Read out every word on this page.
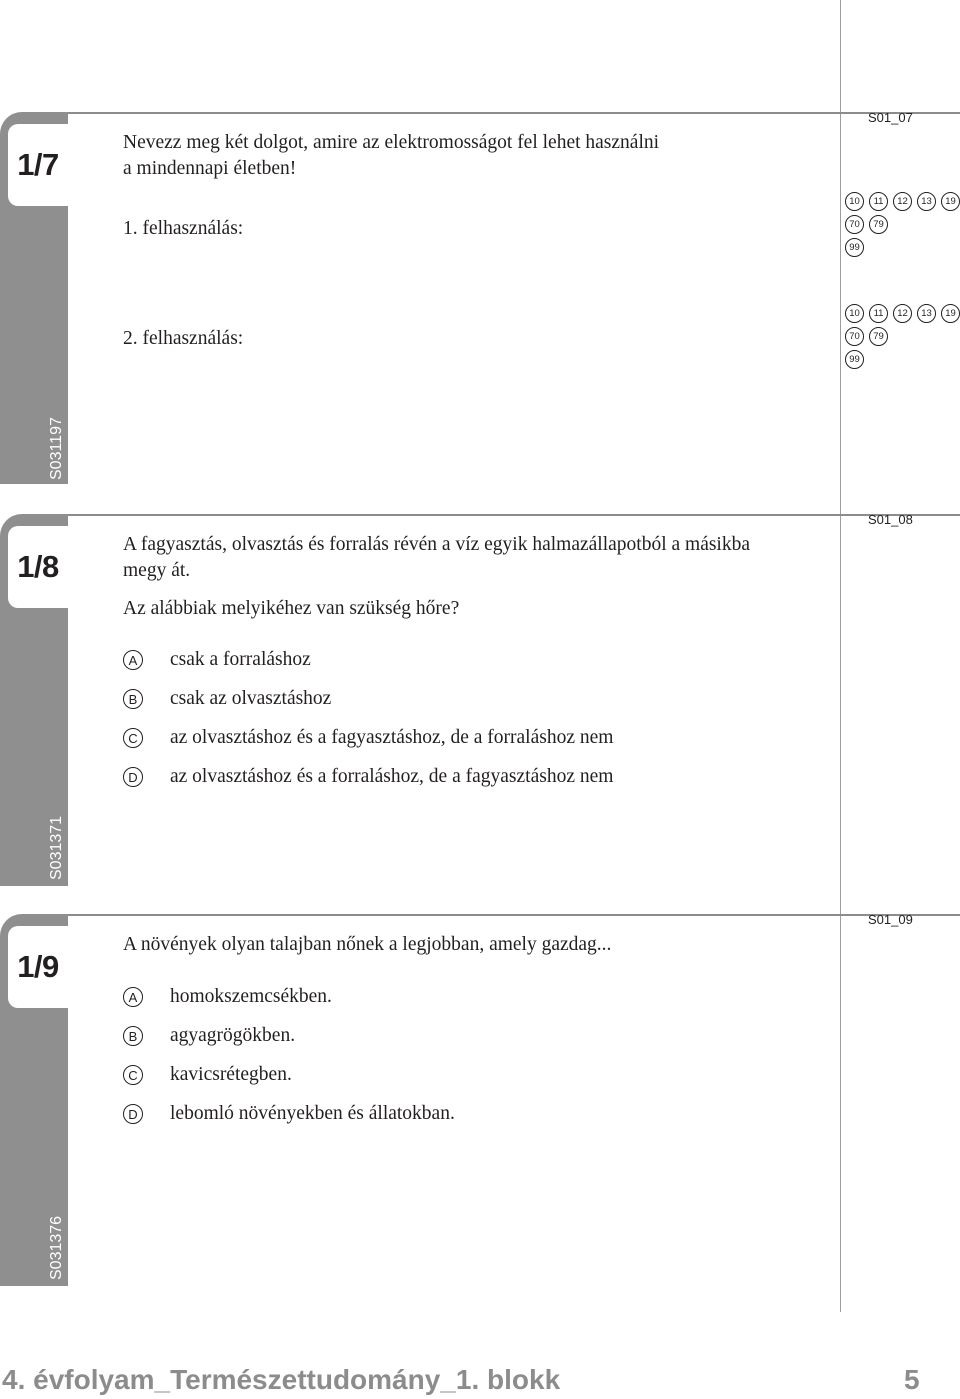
1/7
S031197
S01_07
Nevezz meg két dolgot, amire az elektromosságot fel lehet használni
a mindennapi életben!
1. felhasználás:
2. felhasználás:
10	11	12	13	19
70	79
99
10	11	12	13	19
70	79
99
1/8
S031371
S01_08
A fagyasztás, olvasztás és forralás révén a víz egyik halmazállapotból a másikba
megy át.
Az alábbiak melyikéhez van szükség hőre?
A csak a forraláshoz
B csak az olvasztáshoz
C az olvasztáshoz és a fagyasztáshoz, de a forraláshoz nem
D az olvasztáshoz és a forraláshoz, de a fagyasztáshoz nem
1/9
S031376
S01_09
A növények olyan talajban nőnek a legjobban, amely gazdag...
A homokszemcsékben.
B agyagrögökben.
C kavicsrétegben.
D lebomló növényekben és állatokban.
4. évfolyam_Természettudomány_1. blokk	5
